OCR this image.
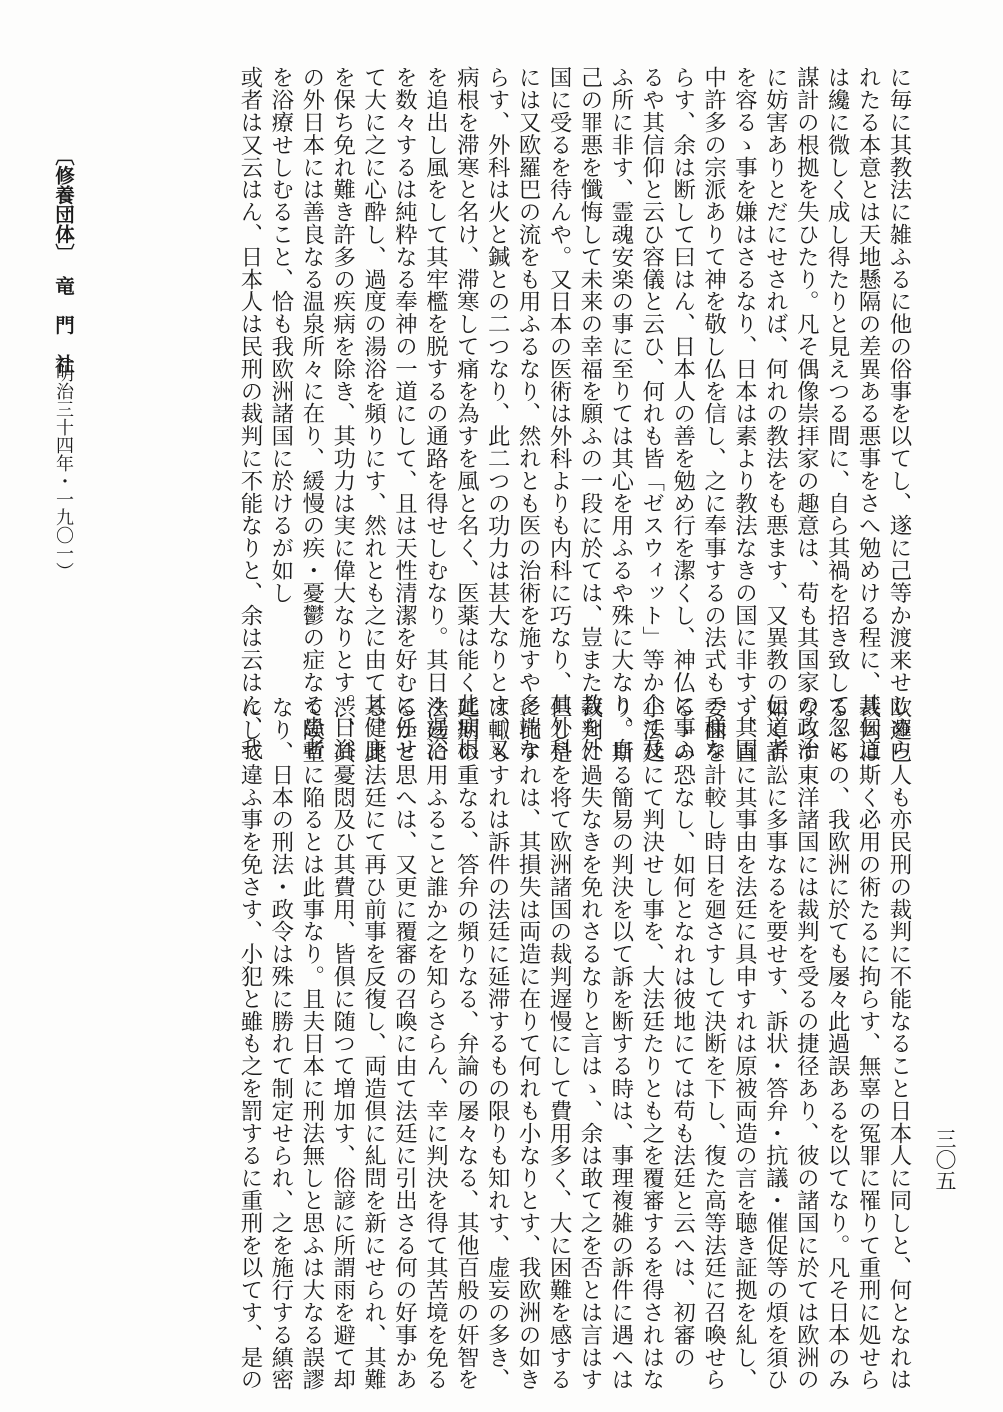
〔修養団体〕
竜　門　社
（明治三十四年・一九〇一）	に毎に其教法に雑ふるに他の俗事を以てし、遂に己等か渡来せしめら
れたる本意とは天地懸隔の差異ある悪事をさへ勉めける程に、其伝道
は纔に微しく成し得たりと見えつる間に、自ら其禍を招き致して忽に
謀計の根拠を失ひたり。凡そ偶像崇拝家の趣意は、苟も其国家の政治
に妨害ありとだにせされば、何れの教法をも悪ます、又異教の伝道者
を容るゝ事を嫌はさるなり、日本は素より教法なきの国に非す、其国
中許多の宗派ありて神を敬し仏を信し、之に奉事するの法式も一様な
らす、余は断して曰はん、日本人の善を勉め行を潔くし、神仏に事ふ
るや其信仰と云ひ容儀と云ひ、何れも皆「ゼスウィット」等か企て及
ふ所に非す、霊魂安楽の事に至りては其心を用ふるや殊に大なり、自
己の罪悪を懺悔して未来の幸福を願ふの一段に於ては、豈また教を外
国に受るを待んや。又日本の医術は外科よりも内科に巧なり、其外科
には又欧羅巴の流をも用ふるなり、然れとも医の治術を施すや多端な
らす、外科は火と鍼との二つなり、此二つの功力は甚大なりとす、又
病根を滞寒と名け、滞寒して痛を為すを風と名く、医薬は能く此病根
を追出し風をして其牢檻を脱するの通路を得せしむなり。其日々湯浴
を数々するは純粋なる奉神の一道にして、且は天性清潔を好むに任せ
て大に之に心酔し、過度の湯浴を頻りにす、然れとも之に由て其健康
を保ち免れ難き許多の疾病を除き、其功力は実に偉大なりとす。日浴
の外日本には善良なる温泉所々に在り、緩慢の疾・憂鬱の症なる患者
を浴療せしむること、恰も我欧洲諸国に於けるが如し
或者は又云はん、日本人は民刑の裁判に不能なりと、余は云はん、我
欧邏巴人も亦民刑の裁判に不能なること日本人に同しと、何となれは
裁判は斯く必用の術たるに拘らす、無辜の冤罪に罹りて重刑に処せら
るゝもの、我欧洲に於ても屡々此過誤あるを以てなり。凡そ日本のみ
ならす東洋諸国には裁判を受るの捷径あり、彼の諸国に於ては欧洲の
如く訴訟に多事なるを要せす、訴状・答弁・抗議・催促等の煩を須ひ
す、直に其事由を法廷に具申すれは原被両造の言を聴き証拠を糺し、
委曲を計較し時日を廻さすして決断を下し、復た高等法廷に召喚せら
るゝの恐なし、如何となれは彼地にては苟も法廷と云へは、初審の
小法廷にて判決せし事を、大法廷たりとも之を覆審するを得されはな
り。斯る簡易の判決を以て訴を断する時は、事理複雑の訴件に遇へは
裁判に過失なきを免れさるなりと言はゝ、余は敢て之を否とは言はす
但し是を将て欧洲諸国の裁判遅慢にして費用多く、大に困難を感する
に比すれは、其損失は両造に在りて何れも小なりとす、我欧洲の如き
は輙もすれは訴件の法廷に延滞するもの限りも知れす、虚妄の多き、
延期の重なる、答弁の頻りなる、弁論の屡々なる、其他百般の奸智を
法廷に用ふること誰か之を知らさらん、幸に判決を得て其苦境を免る
るかと思へは、又更に覆審の召喚に由て法廷に引出さる何の好事かあ
る、此法廷にて再ひ前事を反復し、両造倶に糺問を新にせられ、其難
渋、其憂悶及ひ其費用、皆倶に随つて増加す、俗諺に所謂雨を避て却
て険塹に陥るとは此事なり。且夫日本に刑法無しと思ふは大なる誤謬
なり、日本の刑法・政令は殊に勝れて制定せられ、之を施行する縝密
にして違ふ事を免さす、小犯と雖も之を罰するに重刑を以てす、是の	三〇五
